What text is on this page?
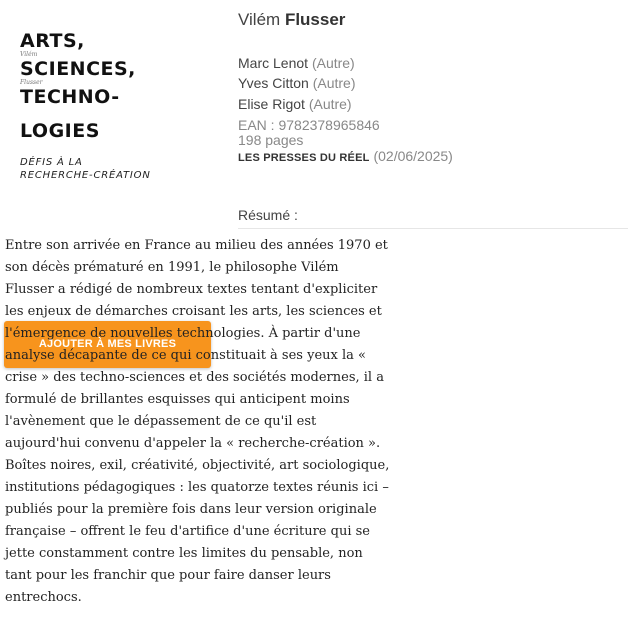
ARTS,
Vilém
SCIENCES,
Flusser
TECHNO-
LOGIES
DÉFIS À LA
RECHERCHE-CRÉATION
AJOUTER À MES LIVRES
Vilém Flusser
Marc Lenot (Autre)
Yves Citton (Autre)
Elise Rigot (Autre)
EAN : 9782378965846
198 pages
LES PRESSES DU RÉEL (02/06/2025)
Résumé :
Entre son arrivée en France au milieu des années 1970 et son décès prématuré en 1991, le philosophe Vilém Flusser a rédigé de nombreux textes tentant d'expliciter les enjeux de démarches croisant les arts, les sciences et l'émergence de nouvelles technologies. À partir d'une analyse décapante de ce qui constituait à ses yeux la « crise » des techno-sciences et des sociétés modernes, il a formulé de brillantes esquisses qui anticipent moins l'avènement que le dépassement de ce qu'il est aujourd'hui convenu d'appeler la « recherche-création ». Boîtes noires, exil, créativité, objectivité, art sociologique, institutions pédagogiques : les quatorze textes réunis ici – publiés pour la première fois dans leur version originale française – offrent le feu d'artifice d'une écriture qui se jette constamment contre les limites du pensable, non tant pour les franchir que pour faire danser leurs entrechocs.
